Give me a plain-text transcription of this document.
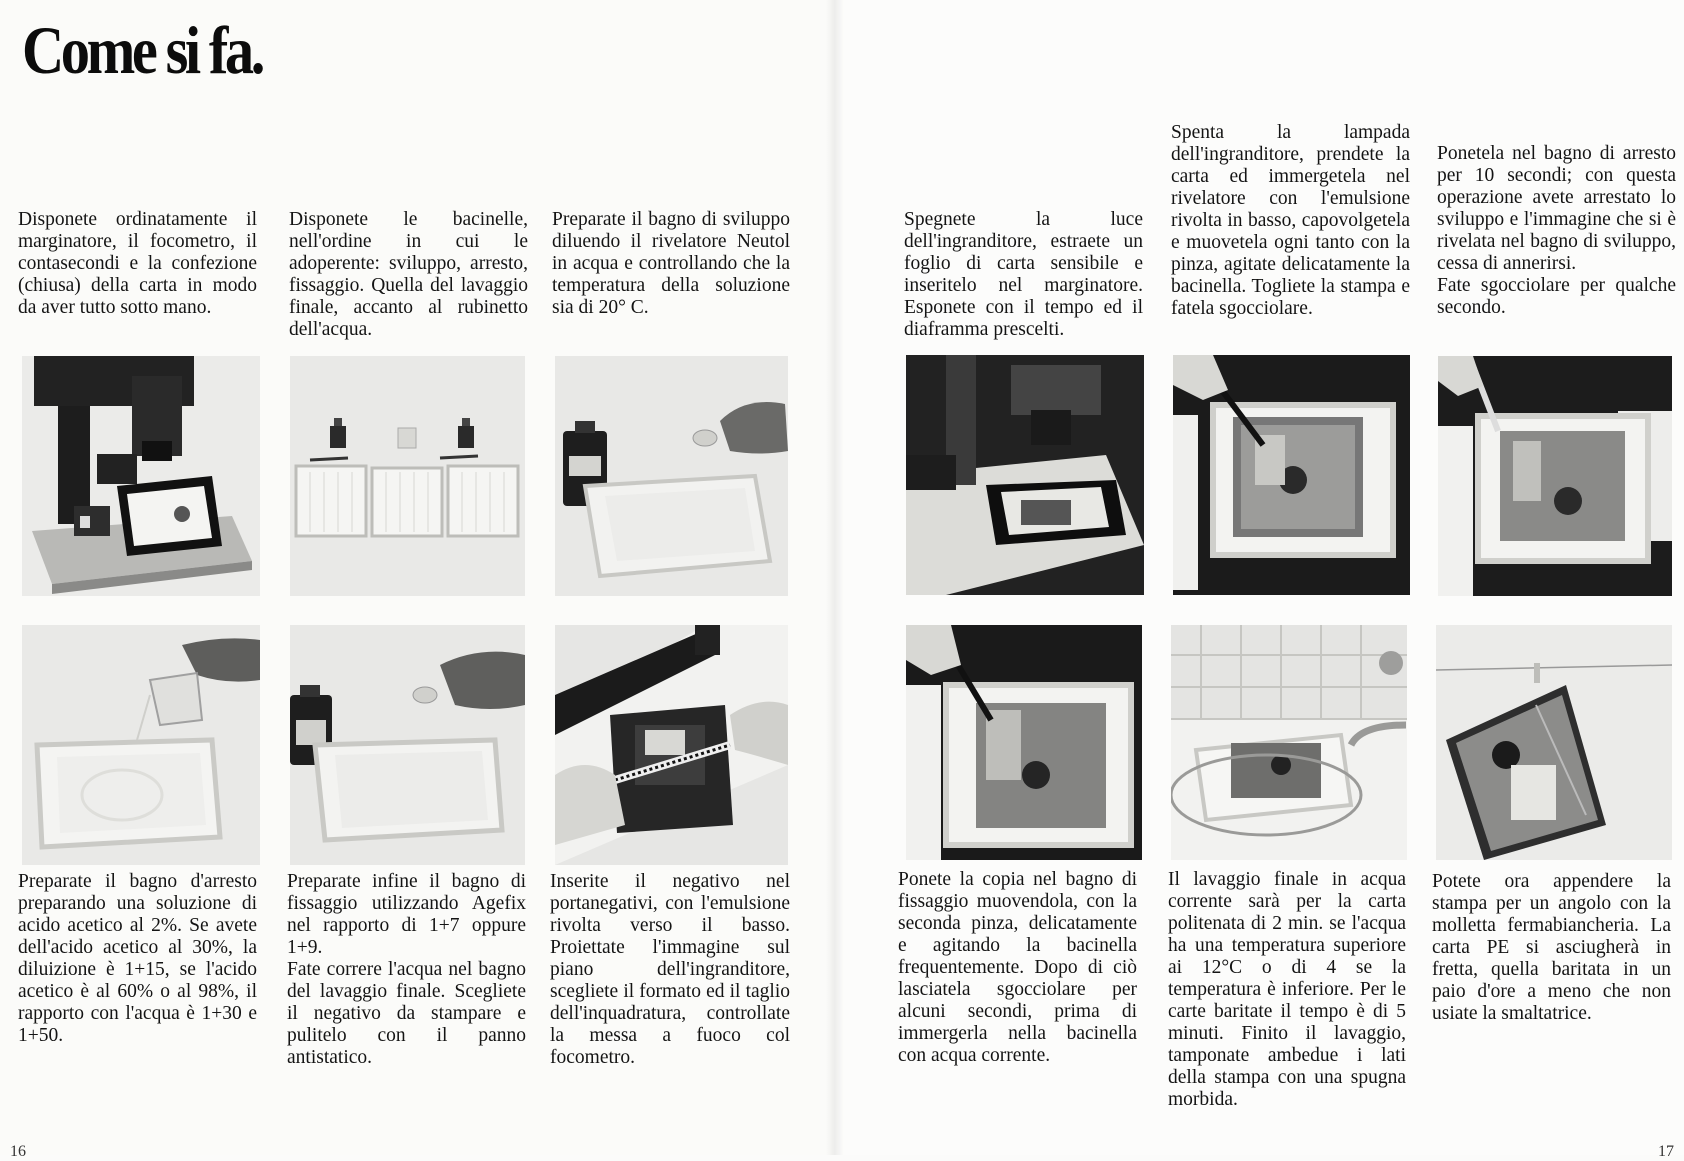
Come si fa.

Disponete ordinatamente il marginatore, il focometro, il contasecondi e la confezione (chiusa) della carta in modo da aver tutto sotto mano.

Disponete le bacinelle, nell'ordine in cui le adoperente: sviluppo, arresto, fissaggio. Quella del lavaggio finale, accanto al rubinetto dell'acqua.

Preparate il bagno di sviluppo diluendo il rivelatore Neutol in acqua e controllando che la temperatura della soluzione sia di 20° C.

Spegnete la luce dell'ingranditore, estraete un foglio di carta sensibile e inseritelo nel marginatore. Esponete con il tempo ed il diaframma prescelti.

Spenta la lampada dell'ingranditore, prendete la carta ed immergetela nel rivelatore con l'emulsione rivolta in basso, capovolgetela e muovetela ogni tanto con la pinza, agitate delicatamente la bacinella. Togliete la stampa e fatela sgocciolare.

Ponetela nel bagno di arresto per 10 secondi; con questa operazione avete arrestato lo sviluppo e l'immagine che si è rivelata nel bagno di sviluppo, cessa di annerirsi.
Fate sgocciolare per qualche secondo.

Preparate il bagno d'arresto preparando una soluzione di acido acetico al 2%. Se avete dell'acido acetico al 30%, la diluizione è 1+15, se l'acido acetico è al 60% o al 98%, il rapporto con l'acqua è 1+30 e 1+50.

Preparate infine il bagno di fissaggio utilizzando Agefix nel rapporto di 1+7 oppure 1+9.
Fate correre l'acqua nel bagno del lavaggio finale. Scegliete il negativo da stampare e pulitelo con il panno antistatico.

Inserite il negativo nel portanegativi, con l'emulsione rivolta verso il basso. Proiettate l'immagine sul piano dell'ingranditore, scegliete il formato ed il taglio dell'inquadratura, controllate la messa a fuoco col focometro.

Ponete la copia nel bagno di fissaggio muovendola, con la seconda pinza, delicatamente e agitando la bacinella frequentemente. Dopo di ciò lasciatela sgocciolare per alcuni secondi, prima di immergerla nella bacinella con acqua corrente.

Il lavaggio finale in acqua corrente sarà per la carta politenata di 2 min. se l'acqua ha una temperatura superiore ai 12°C o di 4 se la temperatura è inferiore. Per le carte baritate il tempo è di 5 minuti. Finito il lavaggio, tamponate ambedue i lati della stampa con una spugna morbida.

Potete ora appendere la stampa per un angolo con la molletta fermabiancheria. La carta PE si asciugherà in fretta, quella baritata in un paio d'ore a meno che non usiate la smaltatrice.

16	17
